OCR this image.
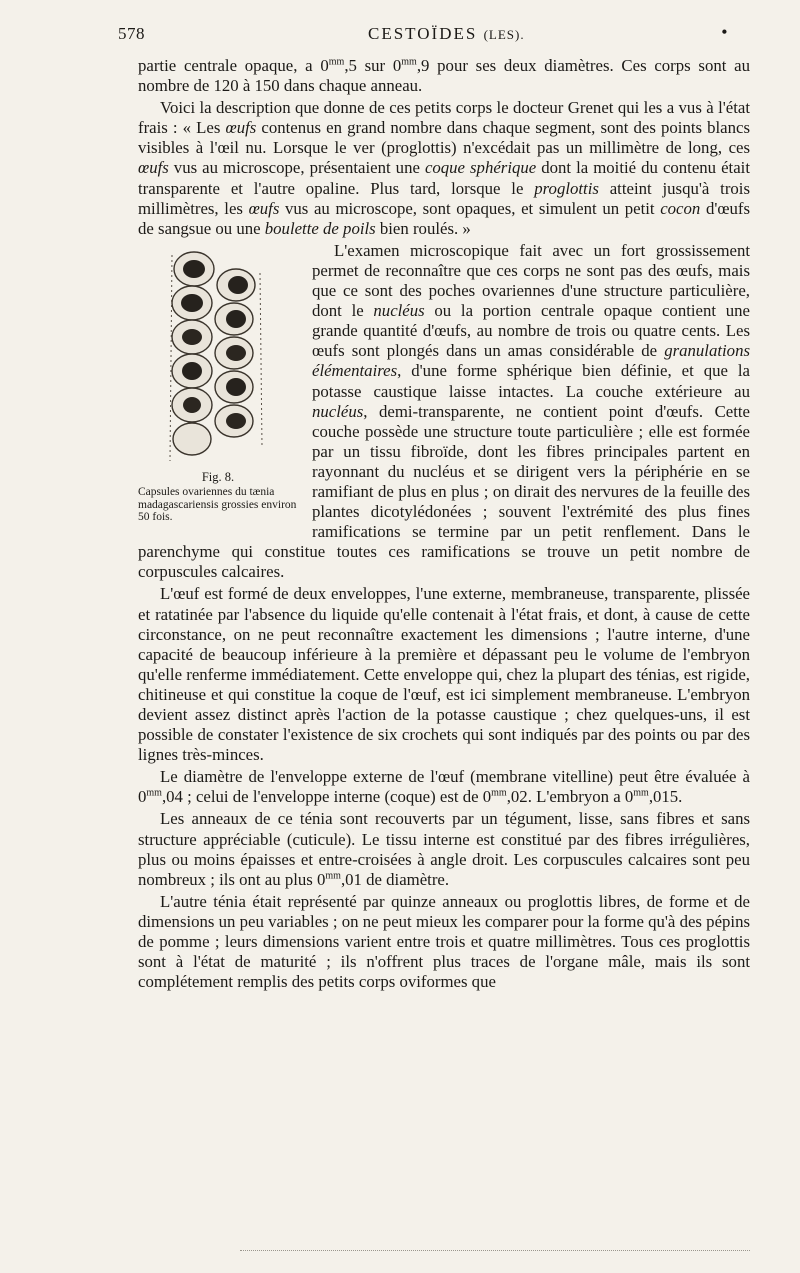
578	CESTOÏDES (LES).	•

partie centrale opaque, a $0^{mm},5$ sur $0^{mm},9$ pour ses deux diamètres. Ces corps sont au nombre de 120 à 150 dans chaque anneau.

Voici la description que donne de ces petits corps le docteur Grenet qui les a vus à l'état frais : « Les œufs contenus en grand nombre dans chaque segment, sont des points blancs visibles à l'œil nu. Lorsque le ver (proglottis) n'excédait pas un millimètre de long, ces œufs vus au microscope, présentaient une coque sphérique dont la moitié du contenu était transparente et l'autre opaline. Plus tard, lorsque le proglottis atteint jusqu'à trois millimètres, les œufs vus au microscope, sont opaques, et simulent un petit cocon d'œufs de sangsue ou une boulette de poils bien roulés. »

Fig. 8.
Capsules ovariennes du tænia madagascariensis grossies environ 50 fois.

L'examen microscopique fait avec un fort grossissement permet de reconnaître que ces corps ne sont pas des œufs, mais que ce sont des poches ovariennes d'une structure particulière, dont le nucléus ou la portion centrale opaque contient une grande quantité d'œufs, au nombre de trois ou quatre cents. Les œufs sont plongés dans un amas considérable de granulations élémentaires, d'une forme sphérique bien définie, et que la potasse caustique laisse intactes. La couche extérieure au nucléus, demi-transparente, ne contient point d'œufs. Cette couche possède une structure toute particulière ; elle est formée par un tissu fibroïde, dont les fibres principales partent en rayonnant du nucléus et se dirigent vers la périphérie en se ramifiant de plus en plus ; on dirait des nervures de la feuille des plantes dicotylédonées ; souvent l'extrémité des plus fines ramifications se termine par un petit renflement. Dans le parenchyme qui constitue toutes ces ramifications se trouve un petit nombre de corpuscules calcaires.

L'œuf est formé de deux enveloppes, l'une externe, membraneuse, transparente, plissée et ratatinée par l'absence du liquide qu'elle contenait à l'état frais, et dont, à cause de cette circonstance, on ne peut reconnaître exactement les dimensions ; l'autre interne, d'une capacité de beaucoup inférieure à la première et dépassant peu le volume de l'embryon qu'elle renferme immédiatement. Cette enveloppe qui, chez la plupart des ténias, est rigide, chitineuse et qui constitue la coque de l'œuf, est ici simplement membraneuse. L'embryon devient assez distinct après l'action de la potasse caustique ; chez quelques-uns, il est possible de constater l'existence de six crochets qui sont indiqués par des points ou par des lignes très-minces.

Le diamètre de l'enveloppe externe de l'œuf (membrane vitelline) peut être évaluée à $0^{mm},04$ ; celui de l'enveloppe interne (coque) est de $0^{mm},02$. L'embryon a $0^{mm},015$.

Les anneaux de ce ténia sont recouverts par un tégument, lisse, sans fibres et sans structure appréciable (cuticule). Le tissu interne est constitué par des fibres irrégulières, plus ou moins épaisses et entre-croisées à angle droit. Les corpuscules calcaires sont peu nombreux ; ils ont au plus $0^{mm},01$ de diamètre.

L'autre ténia était représenté par quinze anneaux ou proglottis libres, de forme et de dimensions un peu variables ; on ne peut mieux les comparer pour la forme qu'à des pépins de pomme ; leurs dimensions varient entre trois et quatre millimètres. Tous ces proglottis sont à l'état de maturité ; ils n'offrent plus traces de l'organe mâle, mais ils sont complétement remplis des petits corps oviformes que
